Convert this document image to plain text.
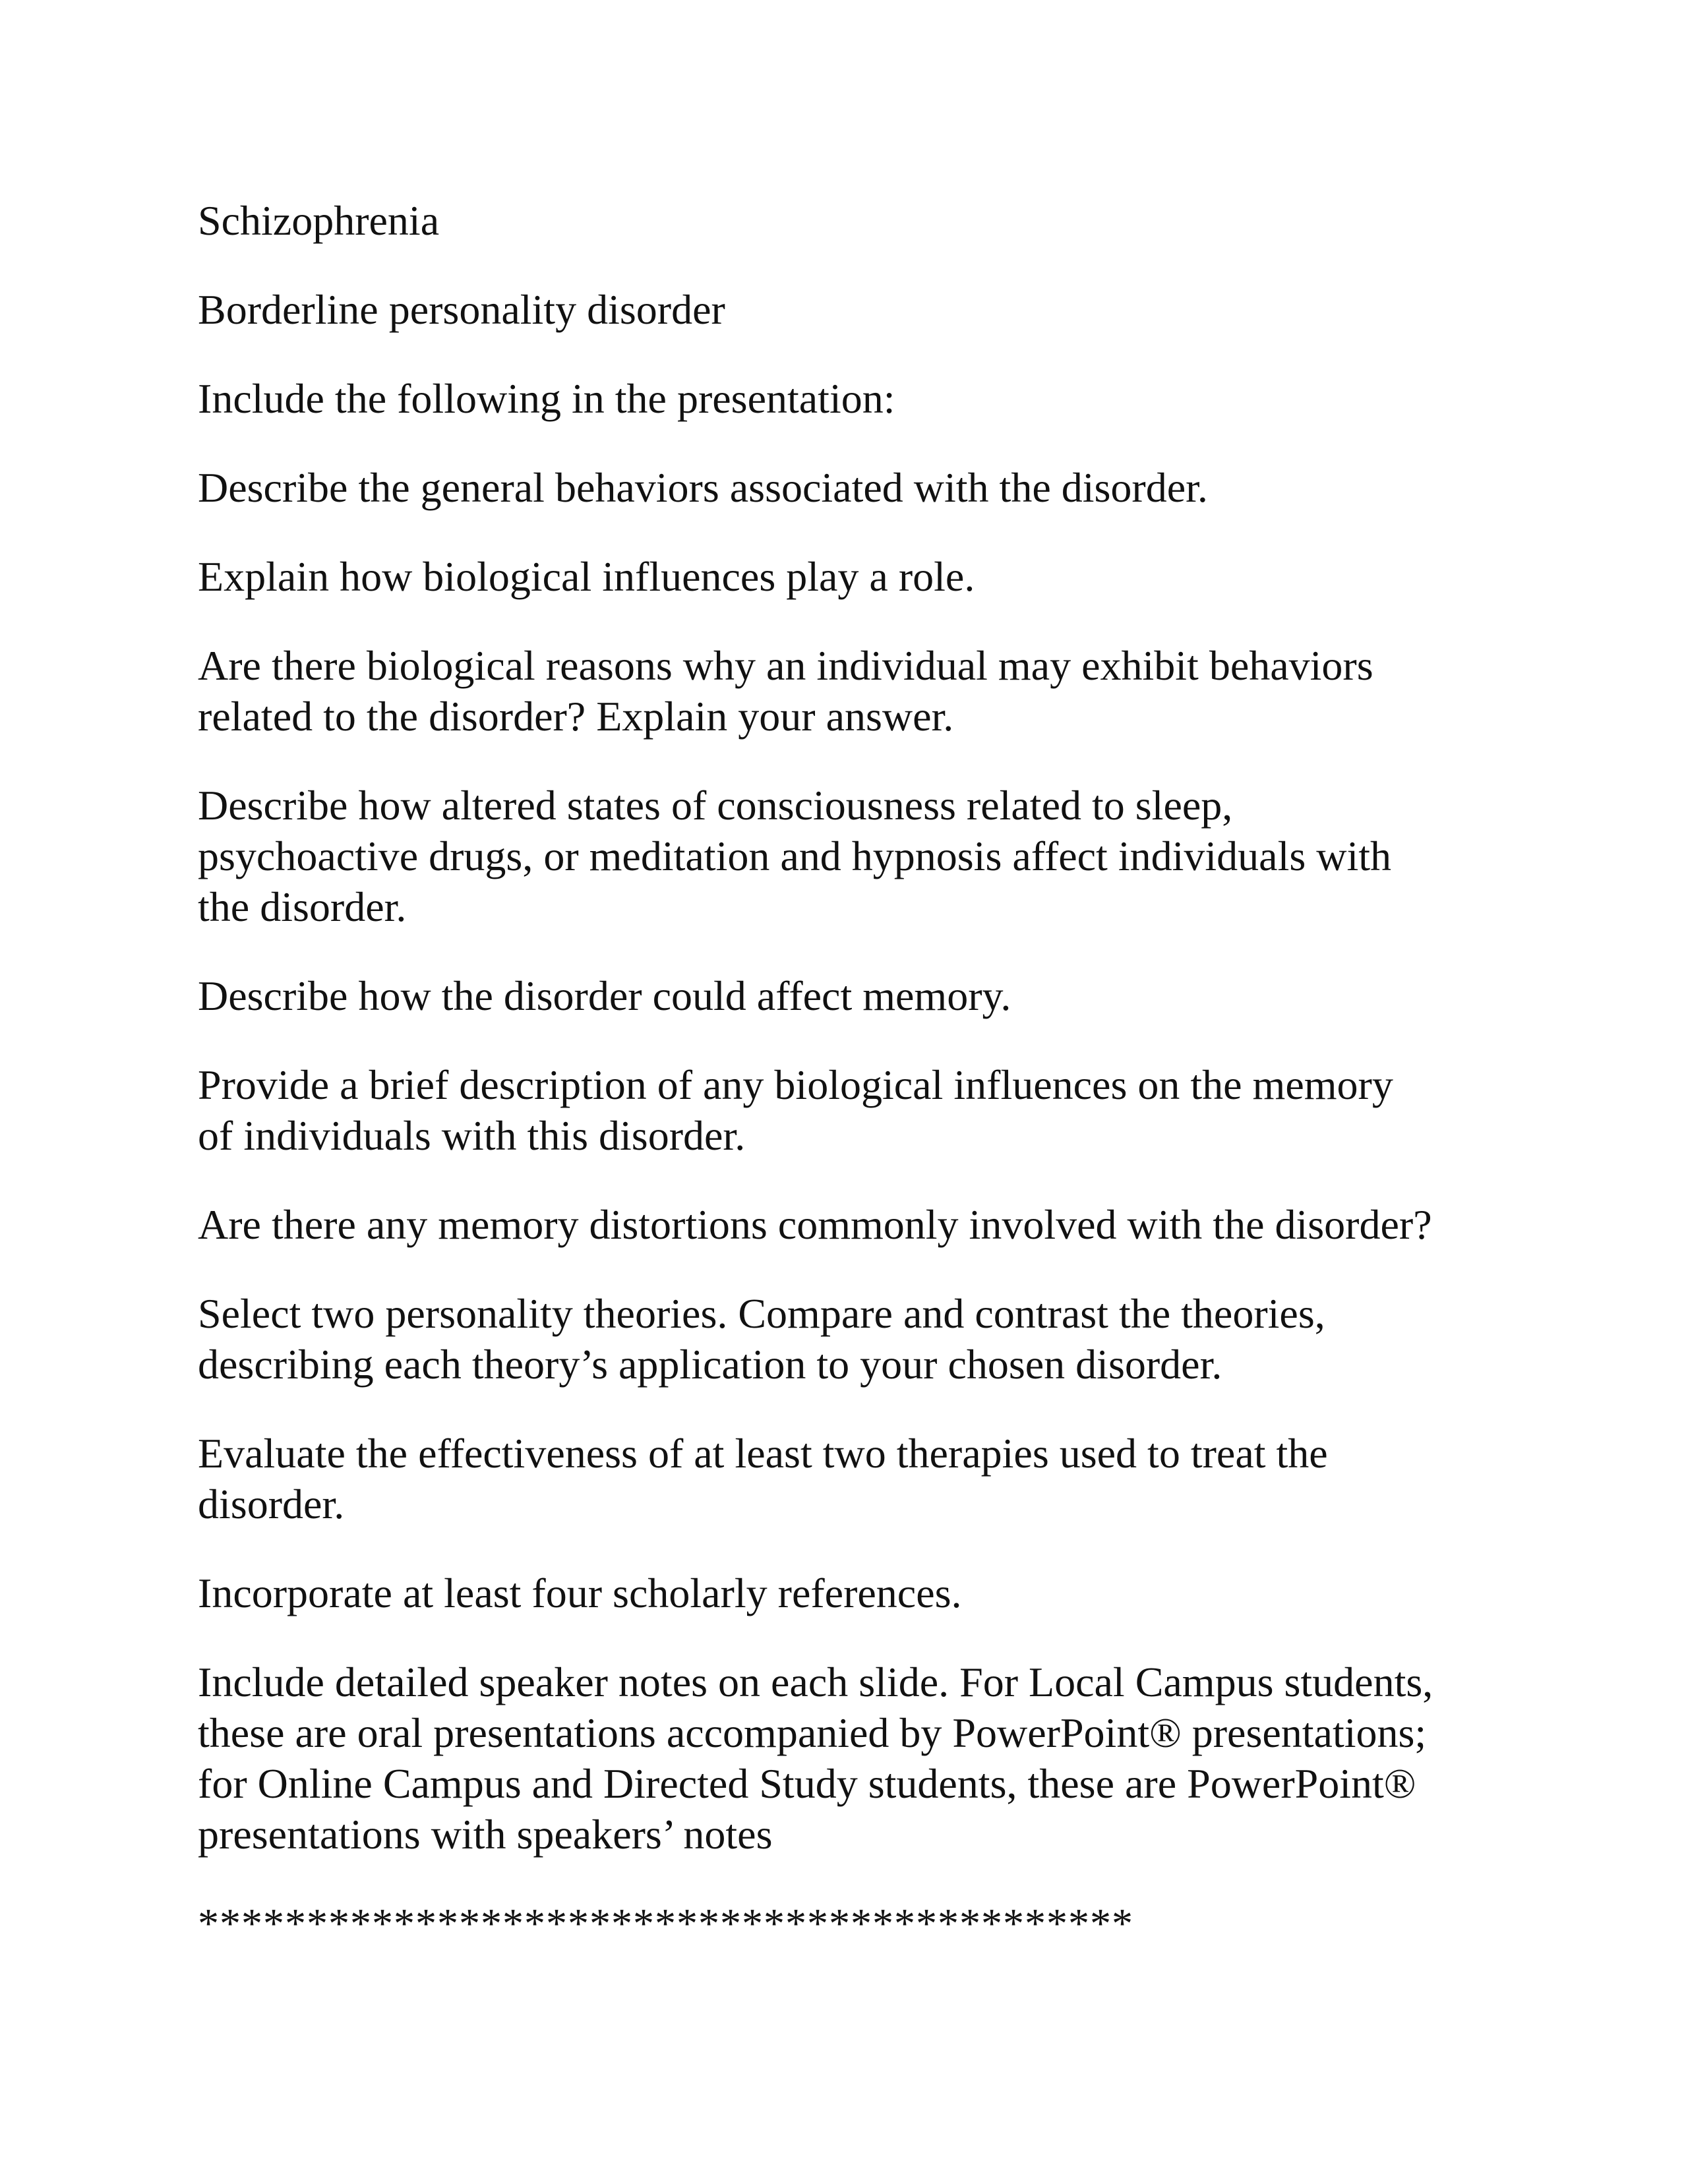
Schizophrenia

Borderline personality disorder

Include the following in the presentation:

Describe the general behaviors associated with the disorder.

Explain how biological influences play a role.

Are there biological reasons why an individual may exhibit behaviors
related to the disorder? Explain your answer.

Describe how altered states of consciousness related to sleep,
psychoactive drugs, or meditation and hypnosis affect individuals with
the disorder.

Describe how the disorder could affect memory.

Provide a brief description of any biological influences on the memory
of individuals with this disorder.

Are there any memory distortions commonly involved with the disorder?

Select two personality theories. Compare and contrast the theories,
describing each theory’s application to your chosen disorder.

Evaluate the effectiveness of at least two therapies used to treat the
disorder.

Incorporate at least four scholarly references.

Include detailed speaker notes on each slide. For Local Campus students,
these are oral presentations accompanied by PowerPoint® presentations;
for Online Campus and Directed Study students, these are PowerPoint®
presentations with speakers’ notes

*******************************************
